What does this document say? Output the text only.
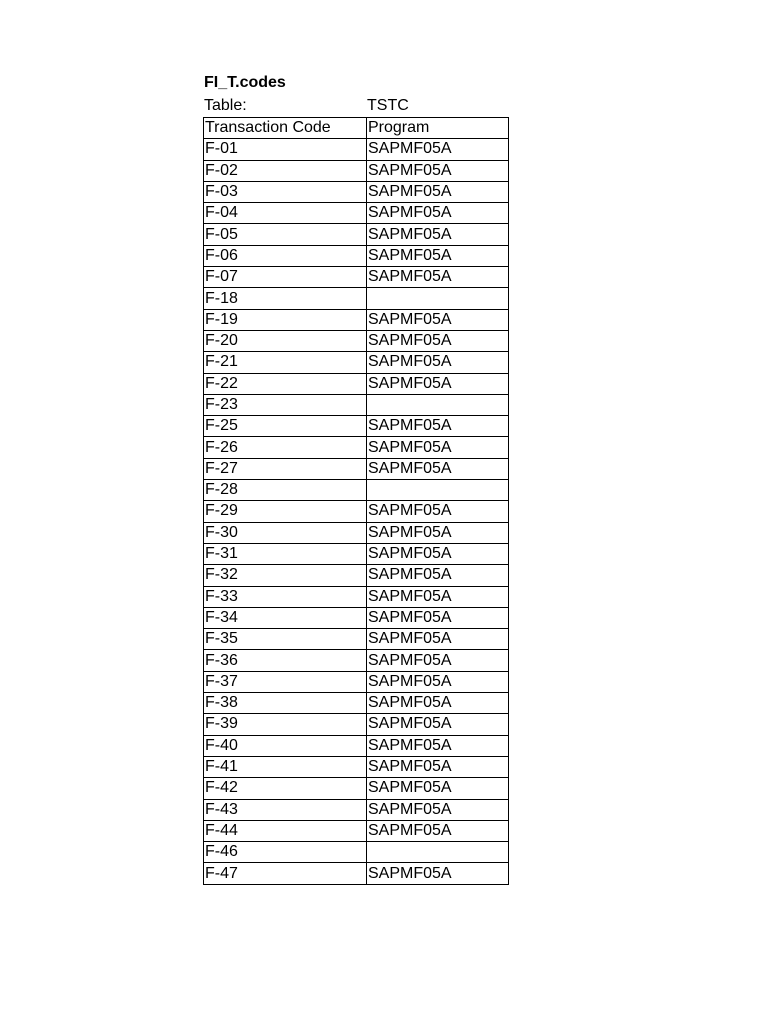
FI_T.codes
Table:	TSTC
Transaction Code	Program
F-01	SAPMF05A
F-02	SAPMF05A
F-03	SAPMF05A
F-04	SAPMF05A
F-05	SAPMF05A
F-06	SAPMF05A
F-07	SAPMF05A
F-18	
F-19	SAPMF05A
F-20	SAPMF05A
F-21	SAPMF05A
F-22	SAPMF05A
F-23	
F-25	SAPMF05A
F-26	SAPMF05A
F-27	SAPMF05A
F-28	
F-29	SAPMF05A
F-30	SAPMF05A
F-31	SAPMF05A
F-32	SAPMF05A
F-33	SAPMF05A
F-34	SAPMF05A
F-35	SAPMF05A
F-36	SAPMF05A
F-37	SAPMF05A
F-38	SAPMF05A
F-39	SAPMF05A
F-40	SAPMF05A
F-41	SAPMF05A
F-42	SAPMF05A
F-43	SAPMF05A
F-44	SAPMF05A
F-46	
F-47	SAPMF05A
